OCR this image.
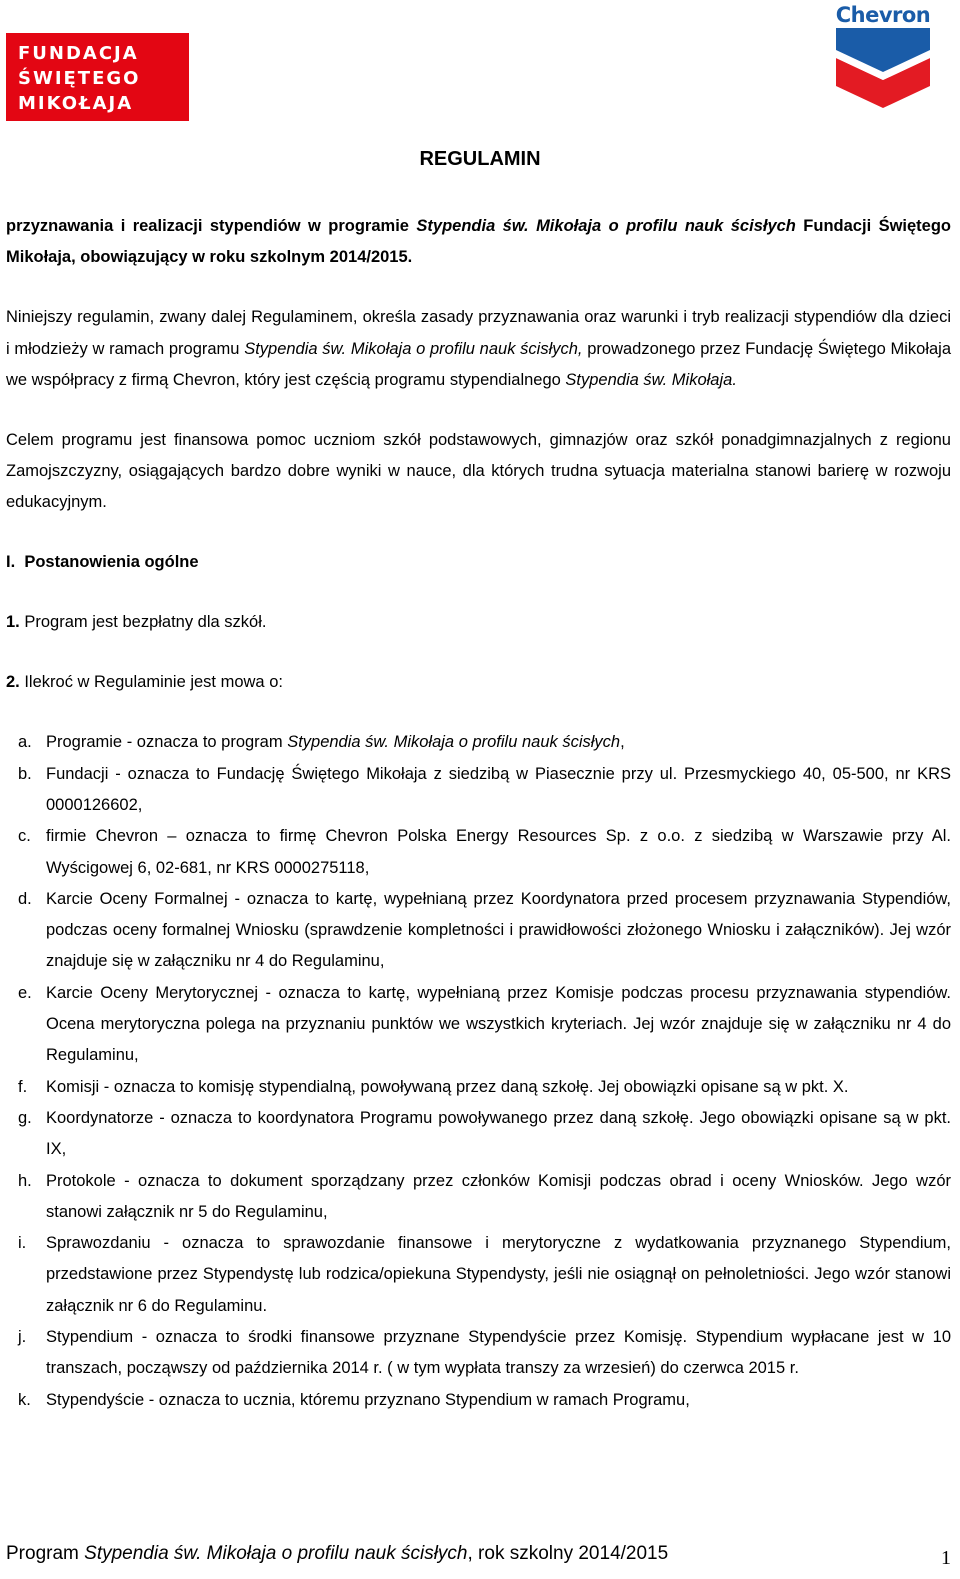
FUNDACJA
ŚWIĘTEGO
MIKOŁAJA
Chevron
REGULAMIN

przyznawania i realizacji stypendiów w programie Stypendia św. Mikołaja o profilu nauk ścisłych Fundacji Świętego Mikołaja, obowiązujący w roku szkolnym 2014/2015.

Niniejszy regulamin, zwany dalej Regulaminem, określa zasady przyznawania oraz warunki i tryb realizacji stypendiów dla dzieci i młodzieży w ramach programu Stypendia św. Mikołaja o profilu nauk ścisłych, prowadzonego przez Fundację Świętego Mikołaja we współpracy z firmą Chevron, który jest częścią programu stypendialnego Stypendia św. Mikołaja.

Celem programu jest finansowa pomoc uczniom szkół podstawowych, gimnazjów oraz szkół ponadgimnazjalnych z regionu Zamojszczyzny, osiągających bardzo dobre wyniki w nauce, dla których trudna sytuacja materialna stanowi barierę w rozwoju edukacyjnym.

I. Postanowienia ogólne

1. Program jest bezpłatny dla szkół.

2. Ilekroć w Regulaminie jest mowa o:

a. Programie - oznacza to program Stypendia św. Mikołaja o profilu nauk ścisłych,
b. Fundacji - oznacza to Fundację Świętego Mikołaja z siedzibą w Piasecznie przy ul. Przesmyckiego 40, 05-500, nr KRS 0000126602,
c. firmie Chevron – oznacza to firmę Chevron Polska Energy Resources Sp. z o.o. z siedzibą w Warszawie przy Al. Wyścigowej 6, 02-681, nr KRS 0000275118,
d. Karcie Oceny Formalnej - oznacza to kartę, wypełnianą przez Koordynatora przed procesem przyznawania Stypendiów, podczas oceny formalnej Wniosku (sprawdzenie kompletności i prawidłowości złożonego Wniosku i załączników). Jej wzór znajduje się w załączniku nr 4 do Regulaminu,
e. Karcie Oceny Merytorycznej - oznacza to kartę, wypełnianą przez Komisje podczas procesu przyznawania stypendiów. Ocena merytoryczna polega na przyznaniu punktów we wszystkich kryteriach. Jej wzór znajduje się w załączniku nr 4 do Regulaminu,
f. Komisji - oznacza to komisję stypendialną, powoływaną przez daną szkołę. Jej obowiązki opisane są w pkt. X.
g. Koordynatorze - oznacza to koordynatora Programu powoływanego przez daną szkołę. Jego obowiązki opisane są w pkt. IX,
h. Protokole - oznacza to dokument sporządzany przez członków Komisji podczas obrad i oceny Wniosków. Jego wzór stanowi załącznik nr 5 do Regulaminu,
i. Sprawozdaniu - oznacza to sprawozdanie finansowe i merytoryczne z wydatkowania przyznanego Stypendium, przedstawione przez Stypendystę lub rodzica/opiekuna Stypendysty, jeśli nie osiągnął on pełnoletniości. Jego wzór stanowi załącznik nr 6 do Regulaminu.
j. Stypendium - oznacza to środki finansowe przyznane Stypendyście przez Komisję. Stypendium wypłacane jest w 10 transzach, począwszy od października 2014 r. ( w tym wypłata transzy za wrzesień) do czerwca 2015 r.
k. Stypendyście - oznacza to ucznia, któremu przyznano Stypendium w ramach Programu,
Program Stypendia św. Mikołaja o profilu nauk ścisłych, rok szkolny 2014/2015	1
